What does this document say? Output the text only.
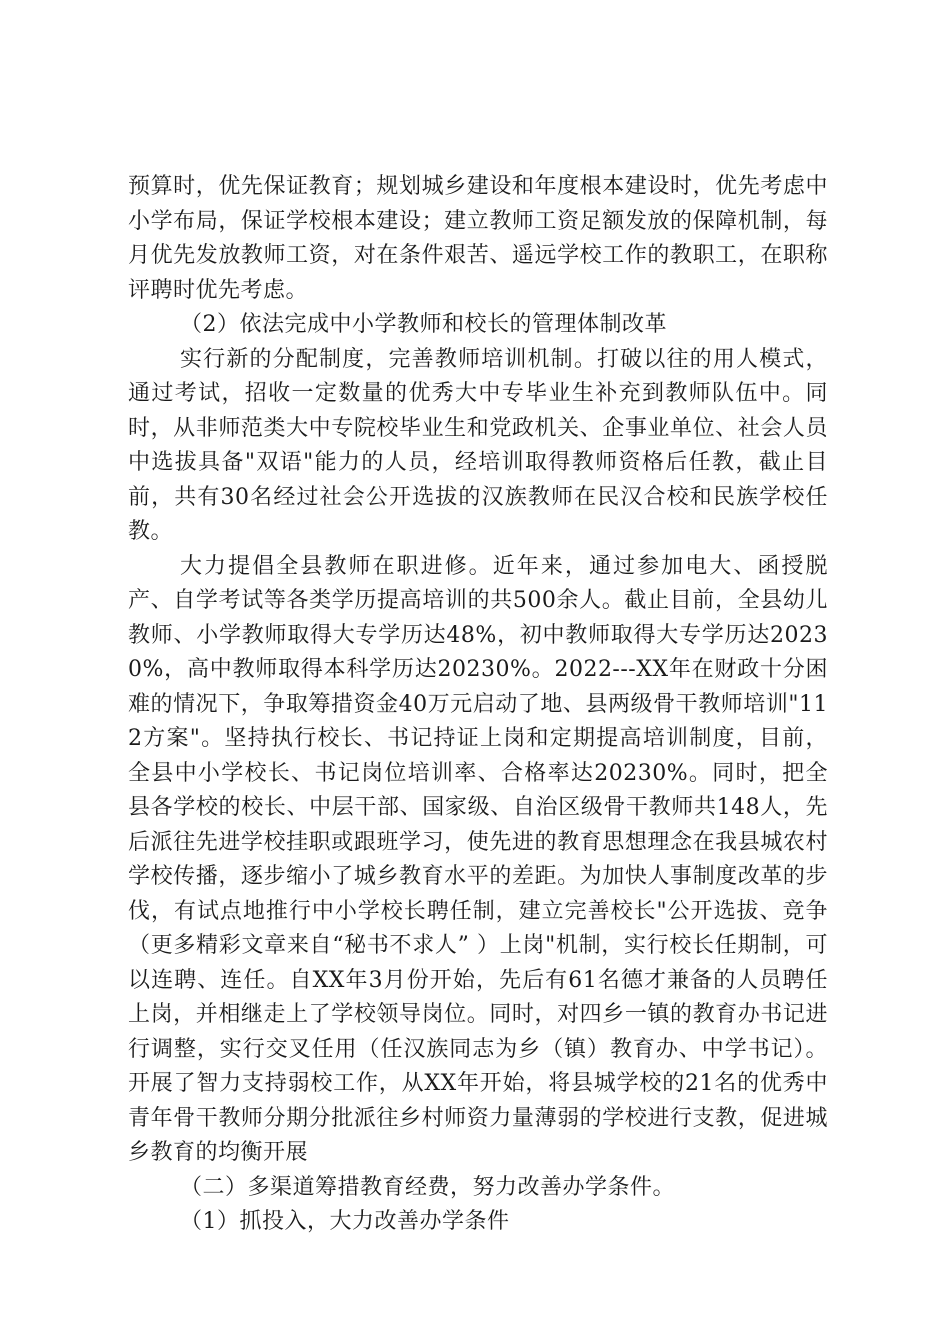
预算时，优先保证教育；规划城乡建设和年度根本建设时，优先考虑中小学布局，保证学校根本建设；建立教师工资足额发放的保障机制，每月优先发放教师工资，对在条件艰苦、遥远学校工作的教职工，在职称评聘时优先考虑。

（2）依法完成中小学教师和校长的管理体制改革

实行新的分配制度，完善教师培训机制。打破以往的用人模式，通过考试，招收一定数量的优秀大中专毕业生补充到教师队伍中。同时，从非师范类大中专院校毕业生和党政机关、企事业单位、社会人员中选拔具备"双语"能力的人员，经培训取得教师资格后任教，截止目前，共有30名经过社会公开选拔的汉族教师在民汉合校和民族学校任教。

大力提倡全县教师在职进修。近年来，通过参加电大、函授脱产、自学考试等各类学历提高培训的共500余人。截止目前，全县幼儿教师、小学教师取得大专学历达48%，初中教师取得大专学历达20230%，高中教师取得本科学历达20230%。2022---XX年在财政十分困难的情况下，争取筹措资金40万元启动了地、县两级骨干教师培训"112方案"。坚持执行校长、书记持证上岗和定期提高培训制度，目前，全县中小学校长、书记岗位培训率、合格率达20230%。同时，把全县各学校的校长、中层干部、国家级、自治区级骨干教师共148人，先后派往先进学校挂职或跟班学习，使先进的教育思想理念在我县城农村学校传播，逐步缩小了城乡教育水平的差距。为加快人事制度改革的步伐，有试点地推行中小学校长聘任制，建立完善校长"公开选拔、竞争（更多精彩文章来自“秘书不求人” ）上岗"机制，实行校长任期制，可以连聘、连任。自XX年3月份开始，先后有61名德才兼备的人员聘任上岗，并相继走上了学校领导岗位。同时，对四乡一镇的教育办书记进行调整，实行交叉任用（任汉族同志为乡（镇）教育办、中学书记）。开展了智力支持弱校工作，从XX年开始，将县城学校的21名的优秀中青年骨干教师分期分批派往乡村师资力量薄弱的学校进行支教，促进城乡教育的均衡开展

（二）多渠道筹措教育经费，努力改善办学条件。

（1）抓投入，大力改善办学条件
